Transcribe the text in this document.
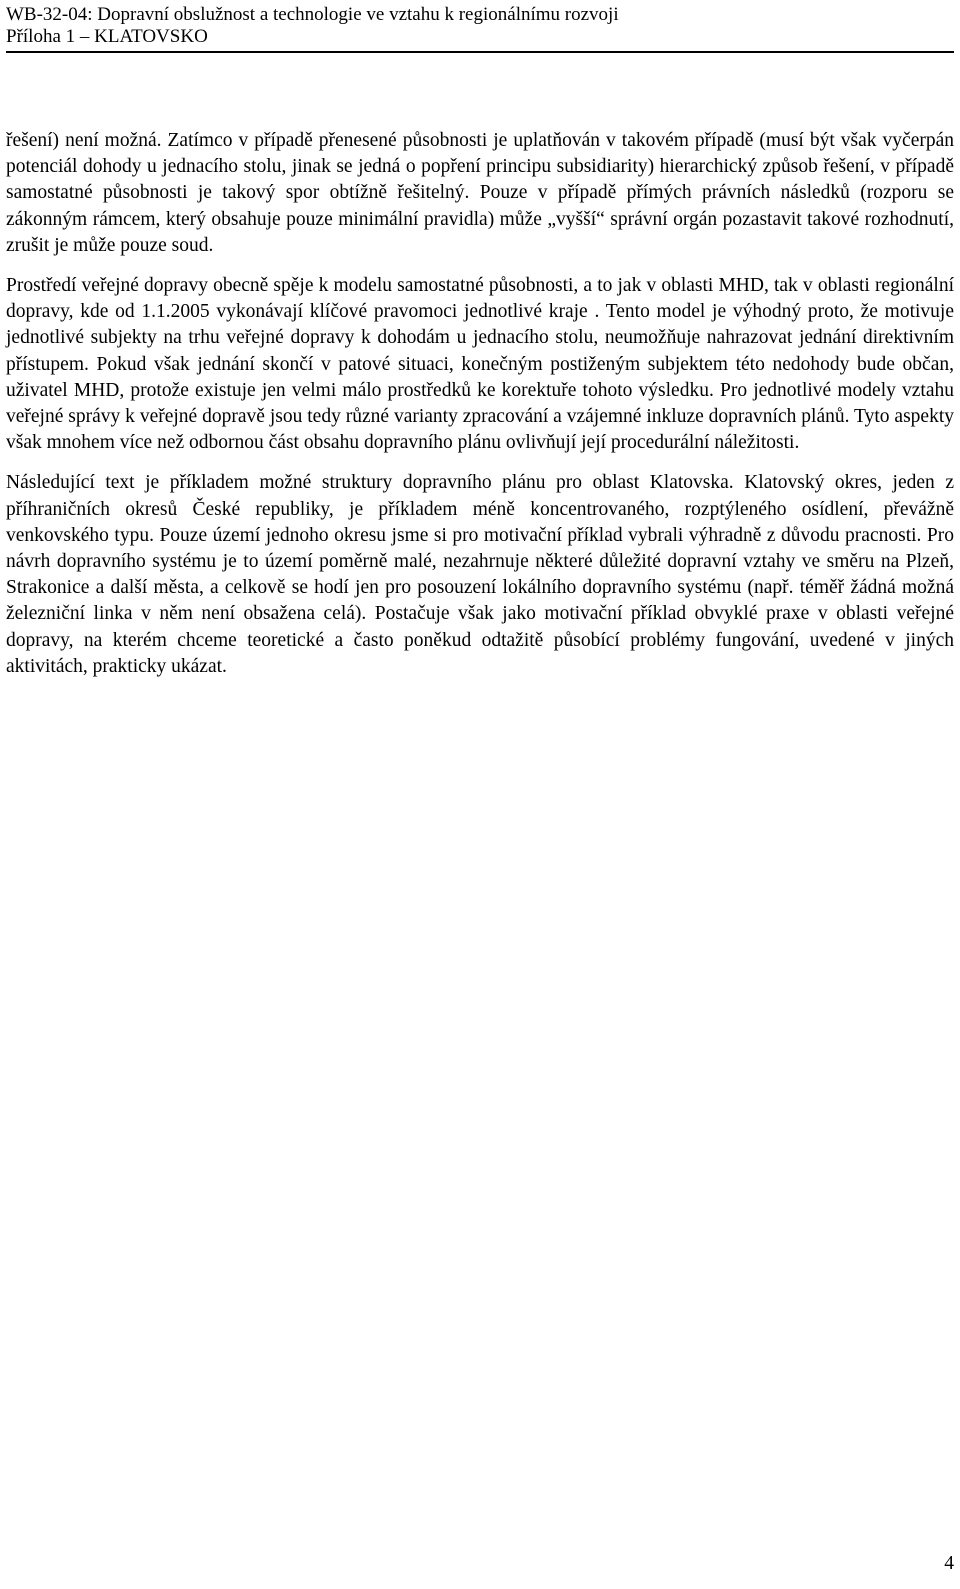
WB-32-04: Dopravní obslužnost a technologie ve vztahu k regionálnímu rozvoji
Příloha 1 – KLATOVSKO

řešení) není možná. Zatímco v případě přenesené působnosti je uplatňován v takovém případě (musí být však vyčerpán potenciál dohody u jednacího stolu, jinak se jedná o popření principu subsidiarity) hierarchický způsob řešení, v případě samostatné působnosti je takový spor obtížně řešitelný. Pouze v případě přímých právních následků (rozporu se zákonným rámcem, který obsahuje pouze minimální pravidla) může „vyšší“ správní orgán pozastavit takové rozhodnutí, zrušit je může pouze soud.

Prostředí veřejné dopravy obecně spěje k modelu samostatné působnosti, a to jak v oblasti MHD, tak v oblasti regionální dopravy, kde od 1.1.2005 vykonávají klíčové pravomoci jednotlivé kraje . Tento model je výhodný proto, že motivuje jednotlivé subjekty na trhu veřejné dopravy k dohodám u jednacího stolu, neumožňuje nahrazovat jednání direktivním přístupem. Pokud však jednání skončí v patové situaci, konečným postiženým subjektem této nedohody bude občan, uživatel MHD, protože existuje jen velmi málo prostředků ke korektuře tohoto výsledku. Pro jednotlivé modely vztahu veřejné správy k veřejné dopravě jsou tedy různé varianty zpracování a vzájemné inkluze dopravních plánů. Tyto aspekty však mnohem více než odbornou část obsahu dopravního plánu ovlivňují její procedurální náležitosti.

Následující text je příkladem možné struktury dopravního plánu pro oblast Klatovska. Klatovský okres, jeden z příhraničních okresů České republiky, je příkladem méně koncentrovaného, rozptýleného osídlení, převážně venkovského typu. Pouze území jednoho okresu jsme si pro motivační příklad vybrali výhradně z důvodu pracnosti. Pro návrh dopravního systému je to území poměrně malé, nezahrnuje některé důležité dopravní vztahy ve směru na Plzeň, Strakonice a další města, a celkově se hodí jen pro posouzení lokálního dopravního systému (např. téměř žádná možná železniční linka v něm není obsažena celá). Postačuje však jako motivační příklad obvyklé praxe v oblasti veřejné dopravy, na kterém chceme teoretické a často poněkud odtažitě působící problémy fungování, uvedené v jiných aktivitách, prakticky ukázat.

4
